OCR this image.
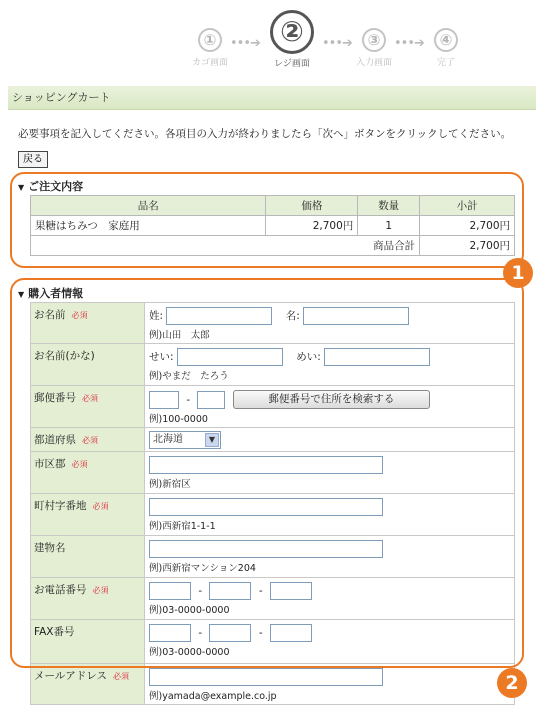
①
カゴ画面
•••➔ ②
レジ画面
•••➔	③
入力画面
•••➔	④
完了
ショッピングカート
必要事項を記入してください。各項目の入力が終わりましたら「次へ」ボタンをクリックしてください。
戻る
▼ ご注文内容
品名	価格	数量	小計
果糖はちみつ　家庭用	2,700円	1	2,700円
商品合計			2,700円
▼ 購入者情報
お名前 必須	姓: 名:
例)山田　太郎

お名前(かな)	せい: めい:
例)やまだ　たろう

郵便番号 必須	- 郵便番号で住所を検索する
例)100-0000

都道府県 必須	北海道 ▼

市区郡 必須	例)新宿区

町村字番地 必須	例)西新宿1-1-1

建物名	例)西新宿マンション204

お電話番号 必須	- -
例)03-0000-0000

FAX番号	- -
例)03-0000-0000

メールアドレス 必須	例)yamada@example.co.jp
1
2
